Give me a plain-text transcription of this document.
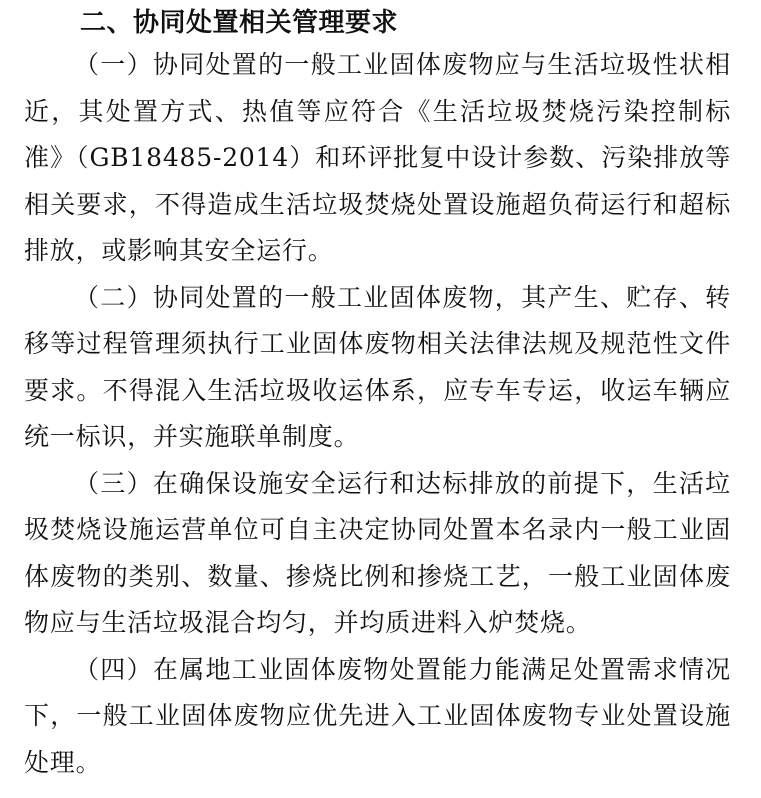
二、协同处置相关管理要求

（一）协同处置的一般工业固体废物应与生活垃圾性状相近，其处置方式、热值等应符合《生活垃圾焚烧污染控制标准》（GB18485-2014）和环评批复中设计参数、污染排放等相关要求，不得造成生活垃圾焚烧处置设施超负荷运行和超标排放，或影响其安全运行。

（二）协同处置的一般工业固体废物，其产生、贮存、转移等过程管理须执行工业固体废物相关法律法规及规范性文件要求。不得混入生活垃圾收运体系，应专车专运，收运车辆应统一标识，并实施联单制度。

（三）在确保设施安全运行和达标排放的前提下，生活垃圾焚烧设施运营单位可自主决定协同处置本名录内一般工业固体废物的类别、数量、掺烧比例和掺烧工艺，一般工业固体废物应与生活垃圾混合均匀，并均质进料入炉焚烧。

（四）在属地工业固体废物处置能力能满足处置需求情况下，一般工业固体废物应优先进入工业固体废物专业处置设施处理。
